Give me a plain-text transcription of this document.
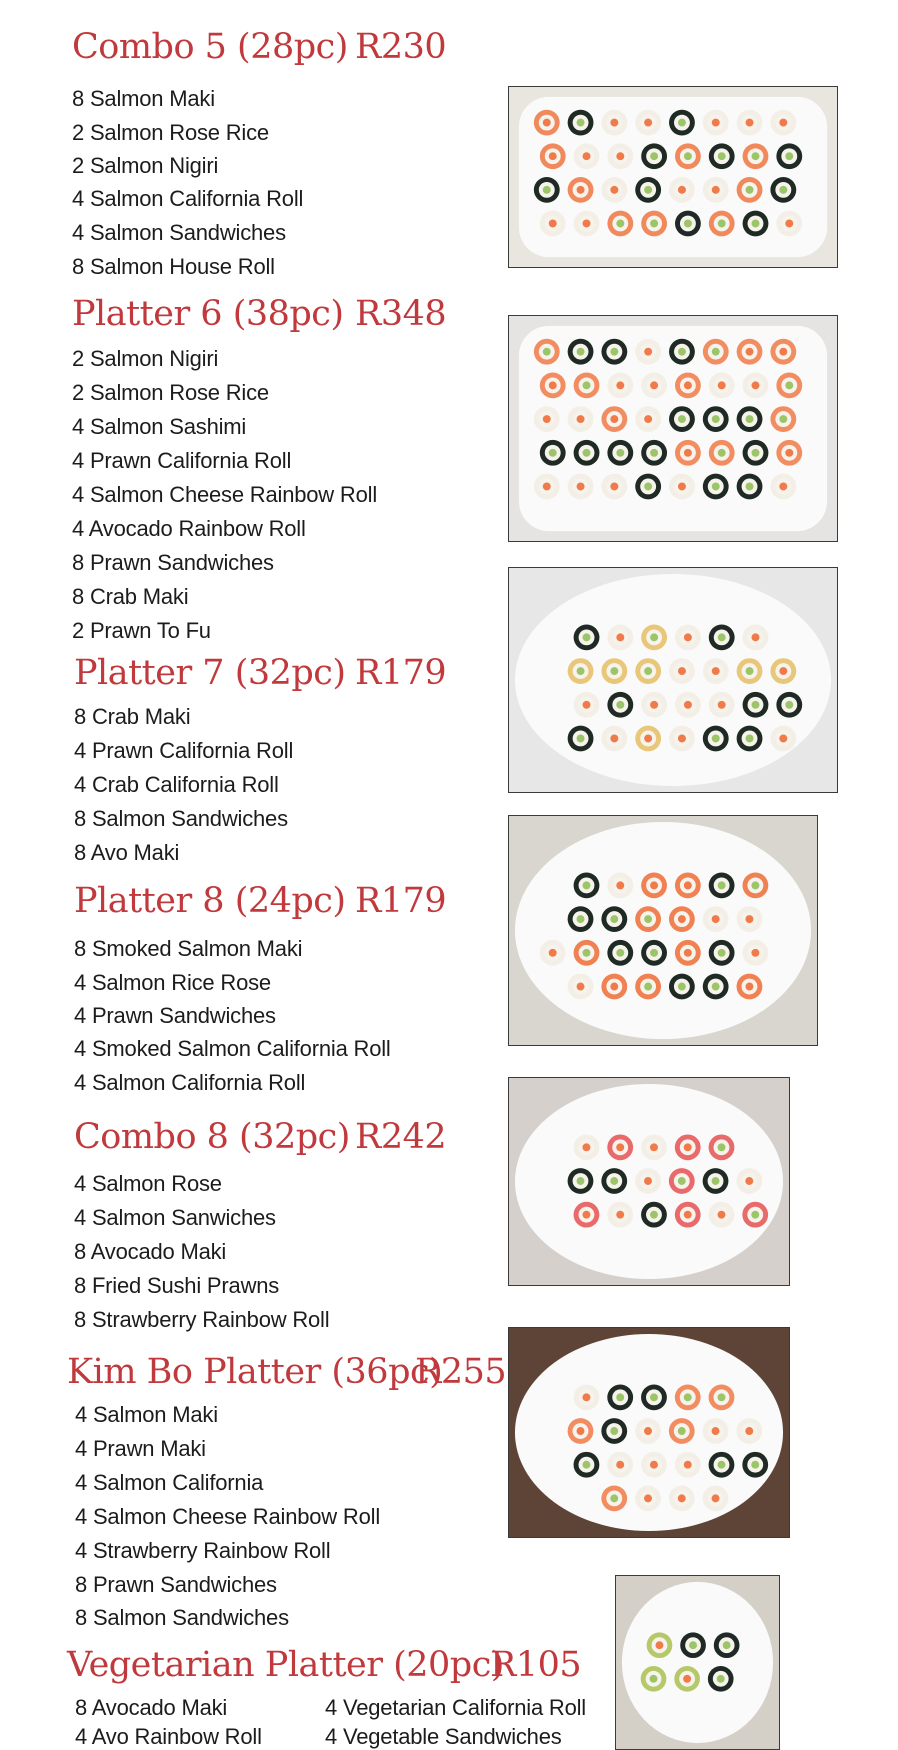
Combo 5 (28pc) R230
8 Salmon Maki
2 Salmon Rose Rice
2 Salmon Nigiri
4 Salmon California Roll
4 Salmon Sandwiches
8 Salmon House Roll
Platter 6 (38pc) R348
2 Salmon Nigiri
2 Salmon Rose Rice
4 Salmon Sashimi
4 Prawn California Roll
4 Salmon Cheese Rainbow Roll
4 Avocado Rainbow Roll
8 Prawn Sandwiches
8 Crab Maki
2 Prawn To Fu
Platter 7 (32pc) R179
8 Crab Maki
4 Prawn California Roll
4 Crab California Roll
8 Salmon Sandwiches
8 Avo Maki
Platter 8 (24pc) R179
8 Smoked Salmon Maki
4 Salmon Rice Rose
4 Prawn Sandwiches
4 Smoked Salmon California Roll
4 Salmon California Roll
Combo 8 (32pc) R242
4 Salmon Rose
4 Salmon Sanwiches
8 Avocado Maki
8 Fried Sushi Prawns
8 Strawberry Rainbow Roll
Kim Bo Platter (36pc)
R255
4 Salmon Maki
4 Prawn Maki
4 Salmon California
4 Salmon Cheese Rainbow Roll
4 Strawberry Rainbow Roll
8 Prawn Sandwiches
8 Salmon Sandwiches
Vegetarian Platter (20pc)
R105
8 Avocado Maki
4 Avo Rainbow Roll
4 Vegetarian California Roll
4 Vegetable Sandwiches
